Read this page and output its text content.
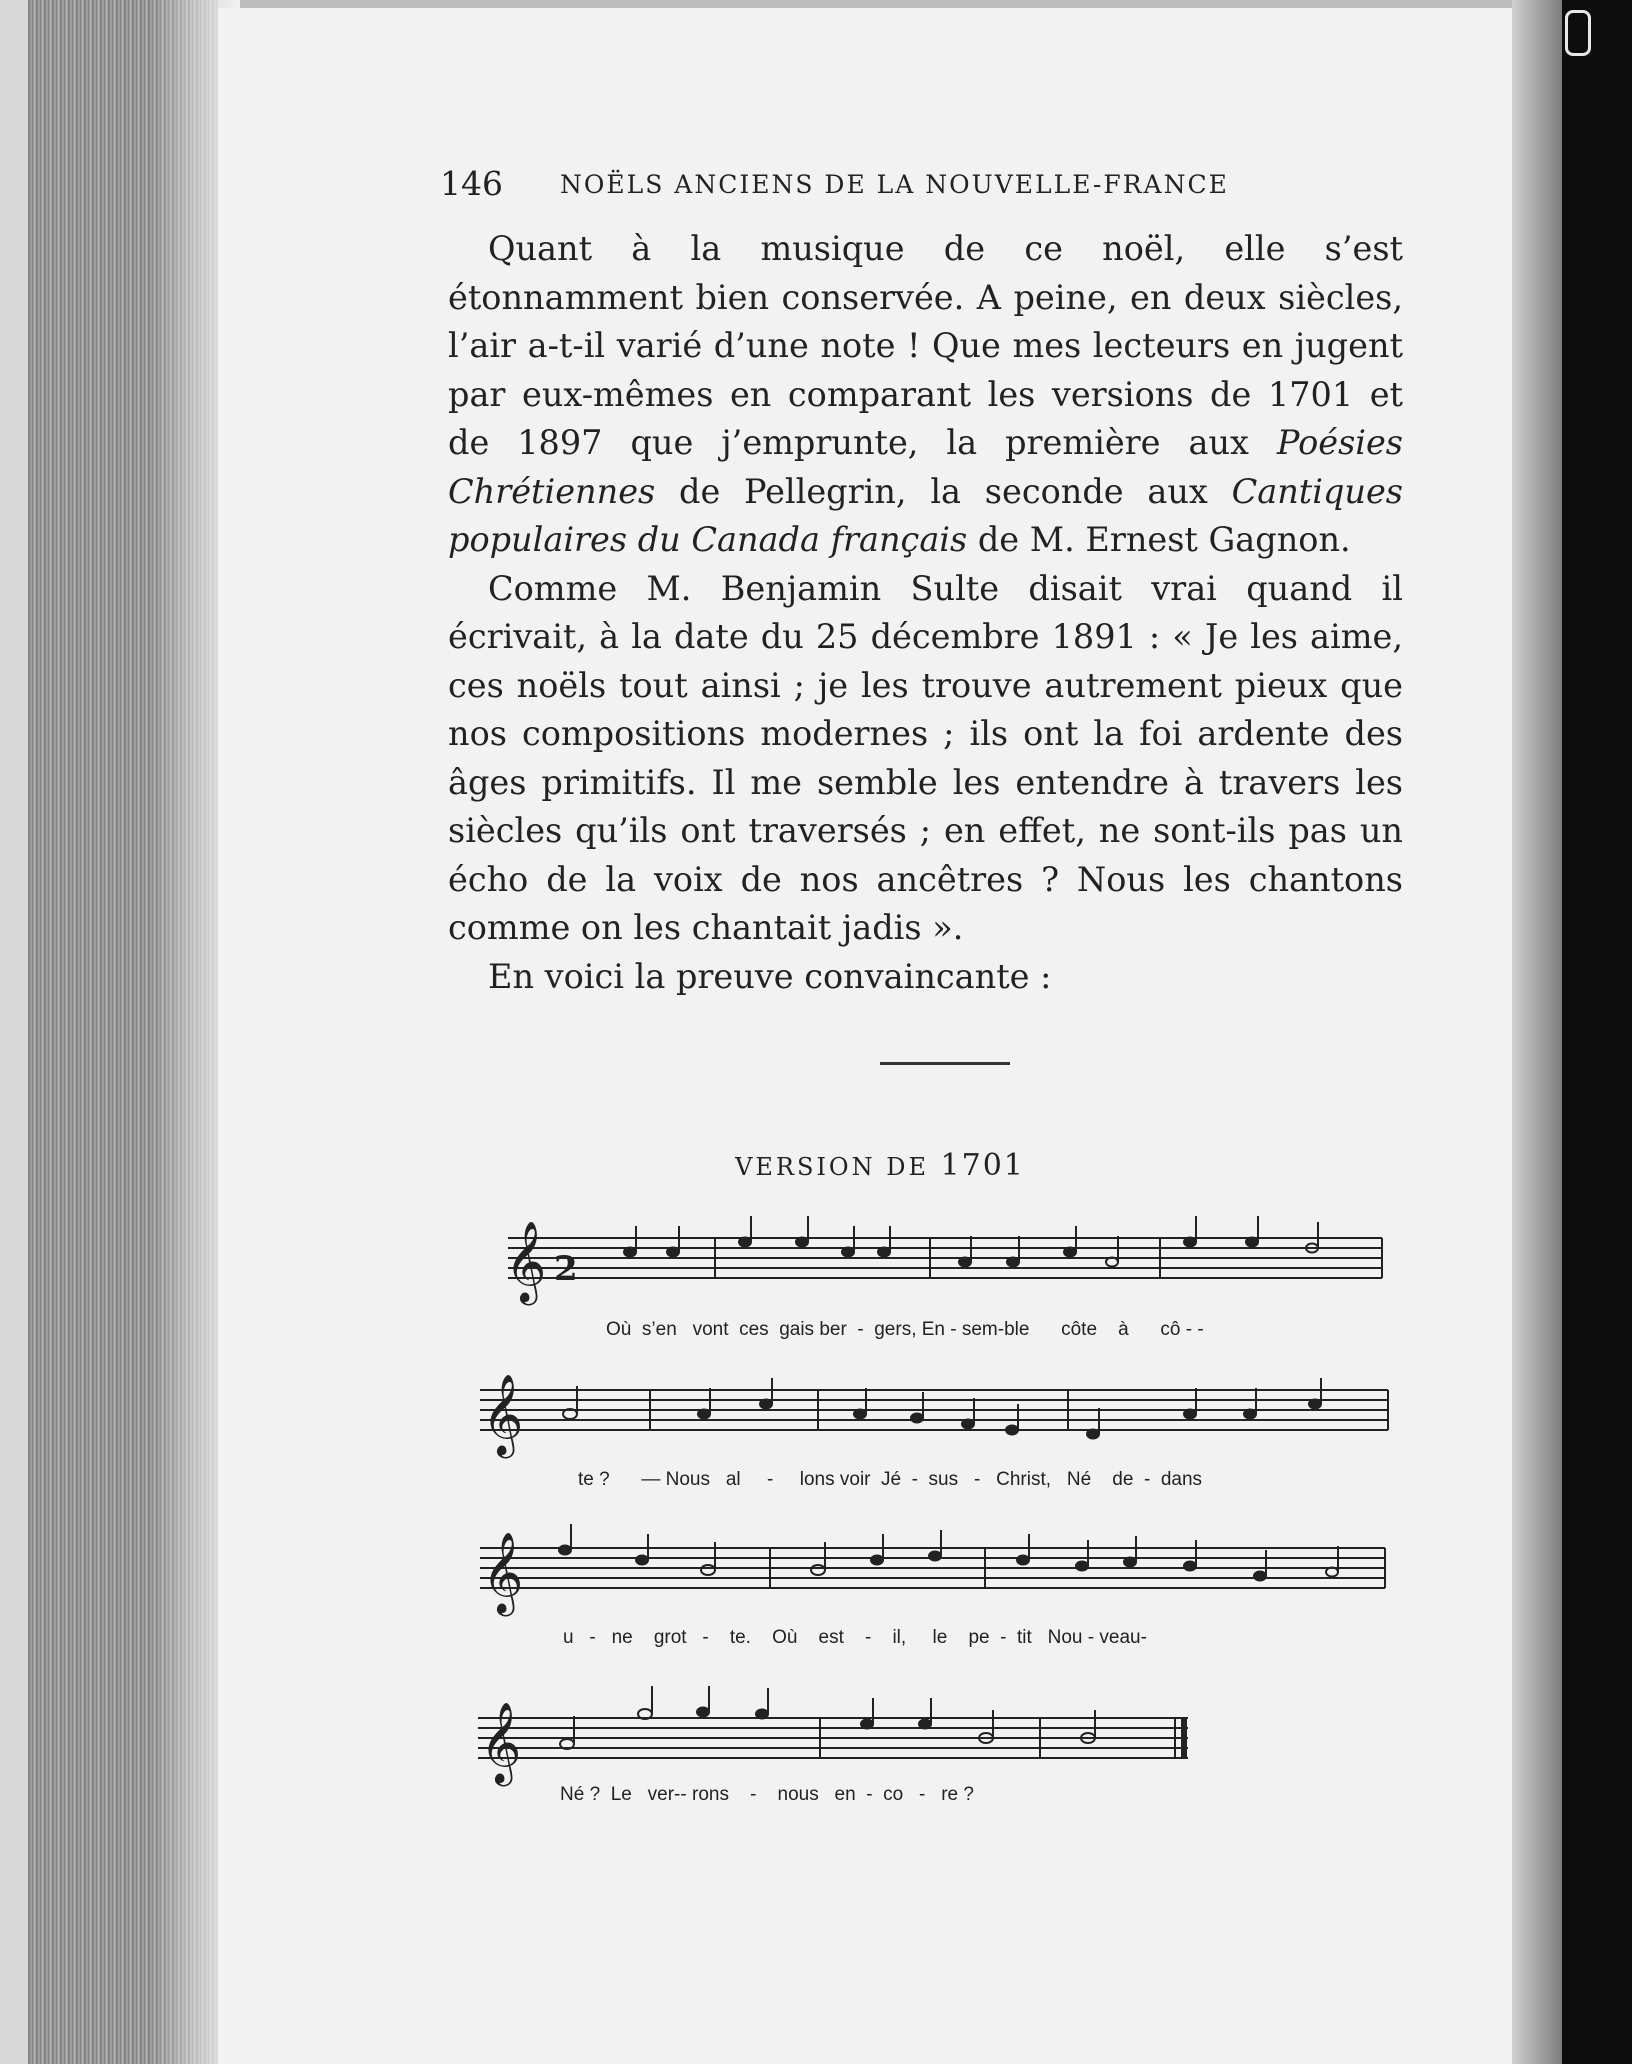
146 NOËLS ANCIENS DE LA NOUVELLE-FRANCE

Quant à la musique de ce noël, elle s’est étonnamment bien conservée. A peine, en deux siècles, l’air a-t-il varié d’une note ! Que mes lecteurs en jugent par eux-mêmes en comparant les versions de 1701 et de 1897 que j’emprunte, la première aux Poésies Chrétiennes de Pellegrin, la seconde aux Cantiques populaires du Canada français de M. Ernest Gagnon.

Comme M. Benjamin Sulte disait vrai quand il écrivait, à la date du 25 décembre 1891 : « Je les aime, ces noëls tout ainsi ; je les trouve autrement pieux que nos compositions modernes ; ils ont la foi ardente des âges primitifs. Il me semble les entendre à travers les siècles qu’ils ont traversés ; en effet, ne sont-ils pas un écho de la voix de nos ancêtres ? Nous les chantons comme on les chantait jadis ».

En voici la preuve convaincante :

VERSION DE 1701
𝄞 2
Où  s’en   vont  ces  gais ber  -  gers, En - sem-ble      côte    à      cô - -
𝄞
te ?      — Nous   al     -     lons voir  Jé  -  sus   -   Christ,   Né    de  -  dans
𝄞
u   -   ne    grot   -    te.    Où    est    -    il,     le    pe  -  tit   Nou - veau-
𝄞
Né ?  Le   ver-- rons    -    nous   en  -  co   -   re ?
